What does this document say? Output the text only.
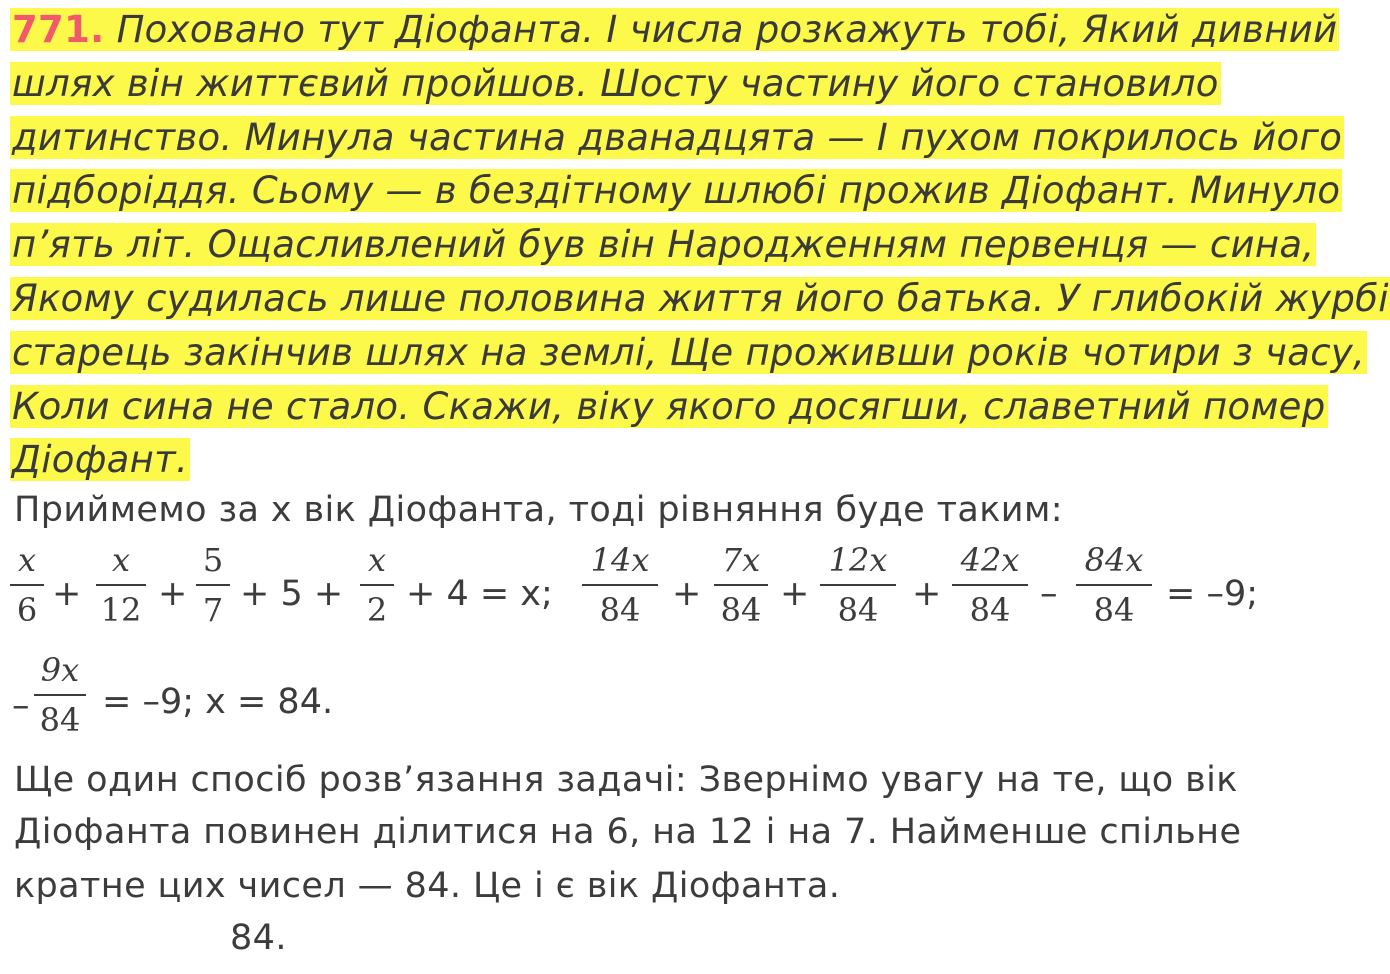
771. Поховано тут Діофанта. І числа розкажуть тобі, Який дивний
шлях він життєвий пройшов. Шосту частину його становило
дитинство. Минула частина дванадцята — І пухом покрилось його
підборіддя. Сьому — в бездітному шлюбі прожив Діофант. Минуло
п’ять літ. Ощасливлений був він Народженням первенця — сина,
Якому судилась лише половина життя його батька. У глибокій журбі
старець закінчив шлях на землі, Ще проживши років чотири з часу,
Коли сина не стало. Скажи, віку якого досягши, славетний помер
Діофант.
Приймемо за х вік Діофанта, тоді рівняння буде таким:
x
6 +
x
12 +
5
7 + 5 +
x
2 + 4 = х;
14x
84 +
7x
84 +
12x
84 +
42x
84 –
84x
84 = –9;
–
9x
84 = –9; х = 84.
Ще один спосіб розв’язання задачі: Звернімо увагу на те, що вік
Діофанта повинен ділитися на 6, на 12 і на 7. Найменше спільне
кратне цих чисел — 84. Це і є вік Діофанта.
84.
